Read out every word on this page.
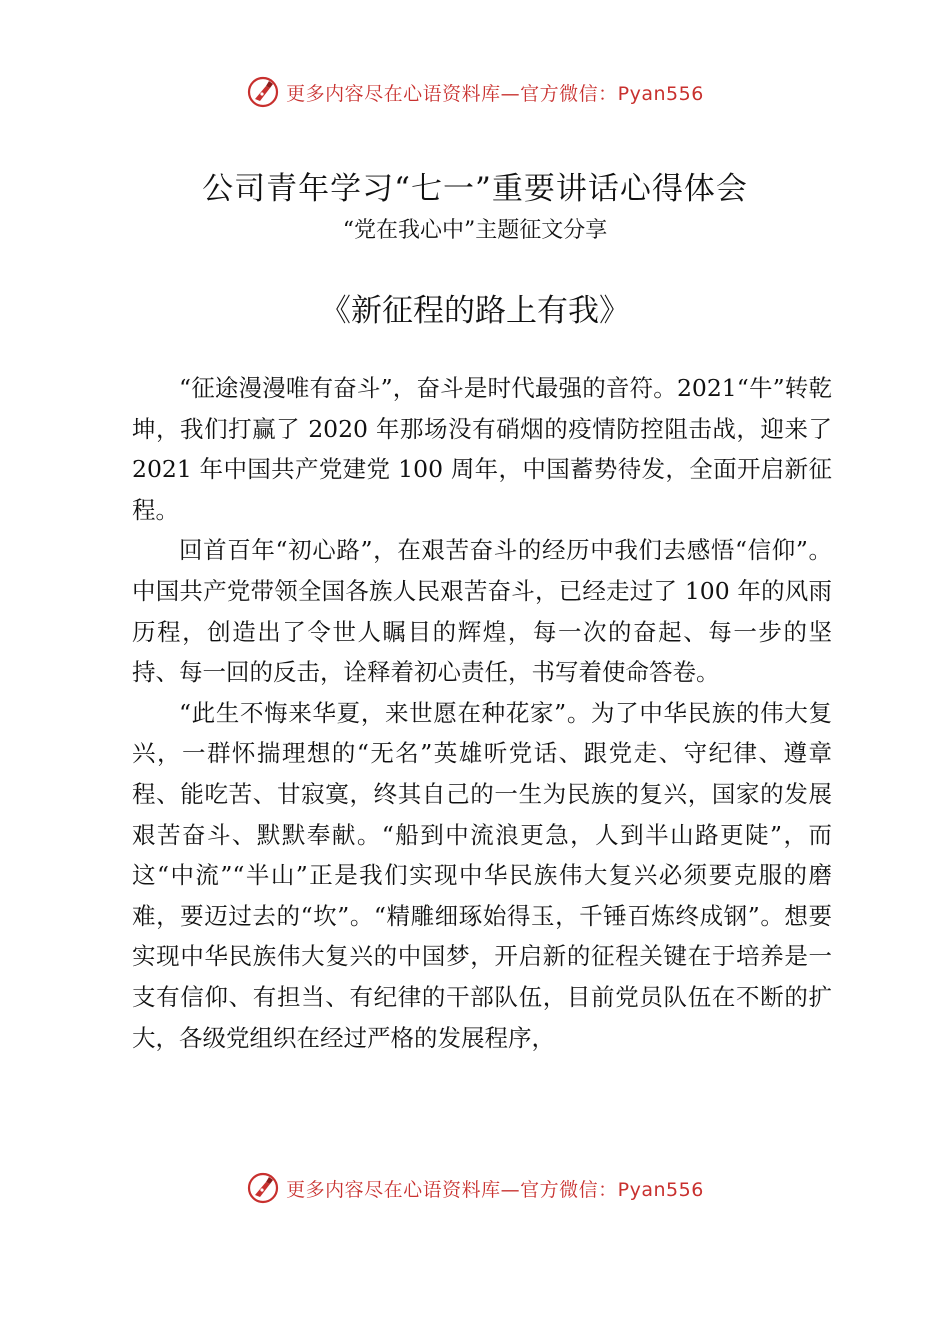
更多内容尽在心语资料库—官方微信：Pyan556
公司青年学习“七一”重要讲话心得体会
“党在我心中”主题征文分享
《新征程的路上有我》

“征途漫漫唯有奋斗”，奋斗是时代最强的音符。2021“牛”转乾坤，我们打赢了 2020 年那场没有硝烟的疫情防控阻击战，迎来了 2021 年中国共产党建党 100 周年，中国蓄势待发，全面开启新征程。

回首百年“初心路”，在艰苦奋斗的经历中我们去感悟“信仰”。中国共产党带领全国各族人民艰苦奋斗，已经走过了 100 年的风雨历程，创造出了令世人瞩目的辉煌，每一次的奋起、每一步的坚持、每一回的反击，诠释着初心责任，书写着使命答卷。

“此生不悔来华夏，来世愿在种花家”。为了中华民族的伟大复兴，一群怀揣理想的“无名”英雄听党话、跟党走、守纪律、遵章程、能吃苦、甘寂寞，终其自己的一生为民族的复兴，国家的发展艰苦奋斗、默默奉献。“船到中流浪更急，人到半山路更陡”，而这“中流”“半山”正是我们实现中华民族伟大复兴必须要克服的磨难，要迈过去的“坎”。“精雕细琢始得玉，千锤百炼终成钢”。想要实现中华民族伟大复兴的中国梦，开启新的征程关键在于培养是一支有信仰、有担当、有纪律的干部队伍，目前党员队伍在不断的扩大，各级党组织在经过严格的发展程序，

更多内容尽在心语资料库—官方微信：Pyan556
